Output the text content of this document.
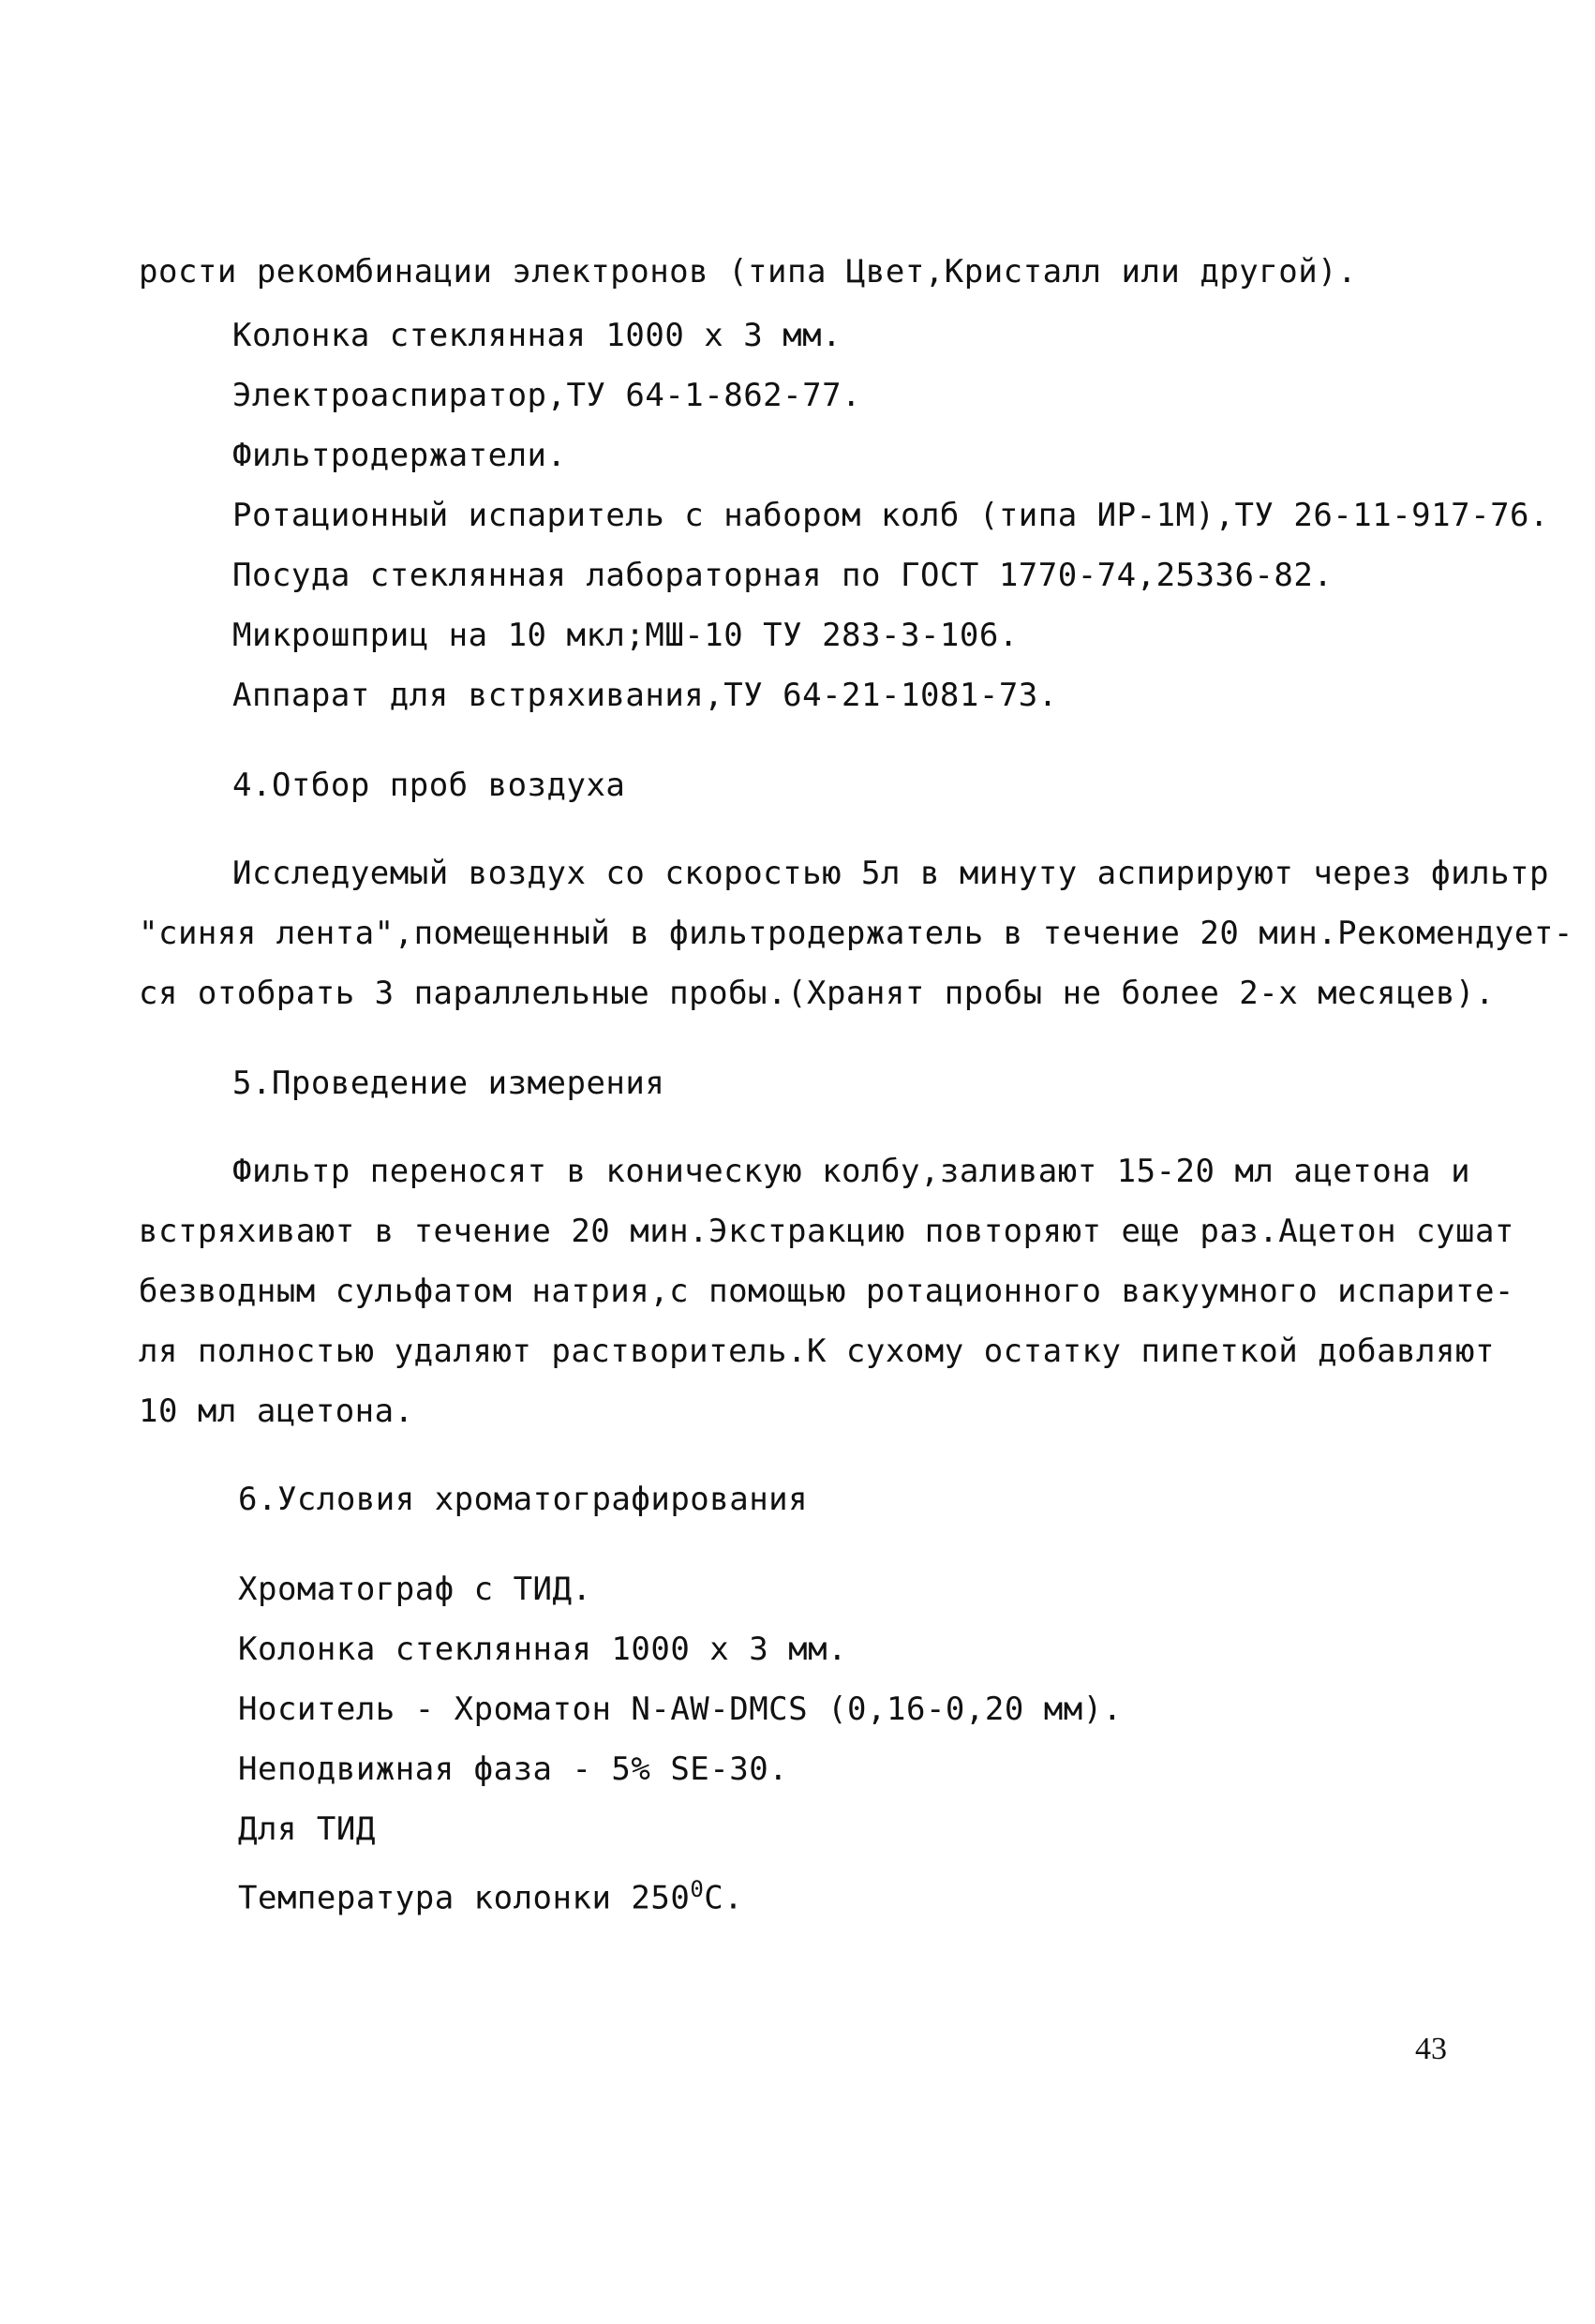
рости рекомбинации электронов (типа Цвет,Кристалл или другой).
Колонка стеклянная 1000 х 3 мм.
Электроаспиратор,ТУ 64-1-862-77.
Фильтродержатели.
Ротационный испаритель с набором колб (типа ИР-1М),ТУ 26-11-917-76.
Посуда стеклянная лабораторная по ГОСТ 1770-74,25336-82.
Микрошприц на 10 мкл;МШ-10 ТУ 283-3-106.
Аппарат для встряхивания,ТУ 64-21-1081-73.
4.Отбор проб воздуха
Исследуемый воздух со скоростью 5л в минуту аспирируют через фильтр
"синяя лента",помещенный в фильтродержатель в течение 20 мин.Рекомендует-
ся отобрать 3 параллельные пробы.(Хранят пробы не более 2-х месяцев).
5.Проведение измерения
Фильтр переносят в коническую колбу,заливают 15-20 мл ацетона и
встряхивают в течение 20 мин.Экстракцию повторяют еще раз.Ацетон сушат
безводным сульфатом натрия,с помощью ротационного вакуумного испарите-
ля полностью удаляют растворитель.К сухому остатку пипеткой добавляют
10 мл ацетона.
6.Условия хроматографирования
Хроматограф с ТИД.
Колонка стеклянная 1000 х 3 мм.
Носитель - Хроматон N-AW-DMCS (0,16-0,20 мм).
Неподвижная фаза - 5% SE-30.
Для ТИД
Температура колонки $250^0C$.
43
